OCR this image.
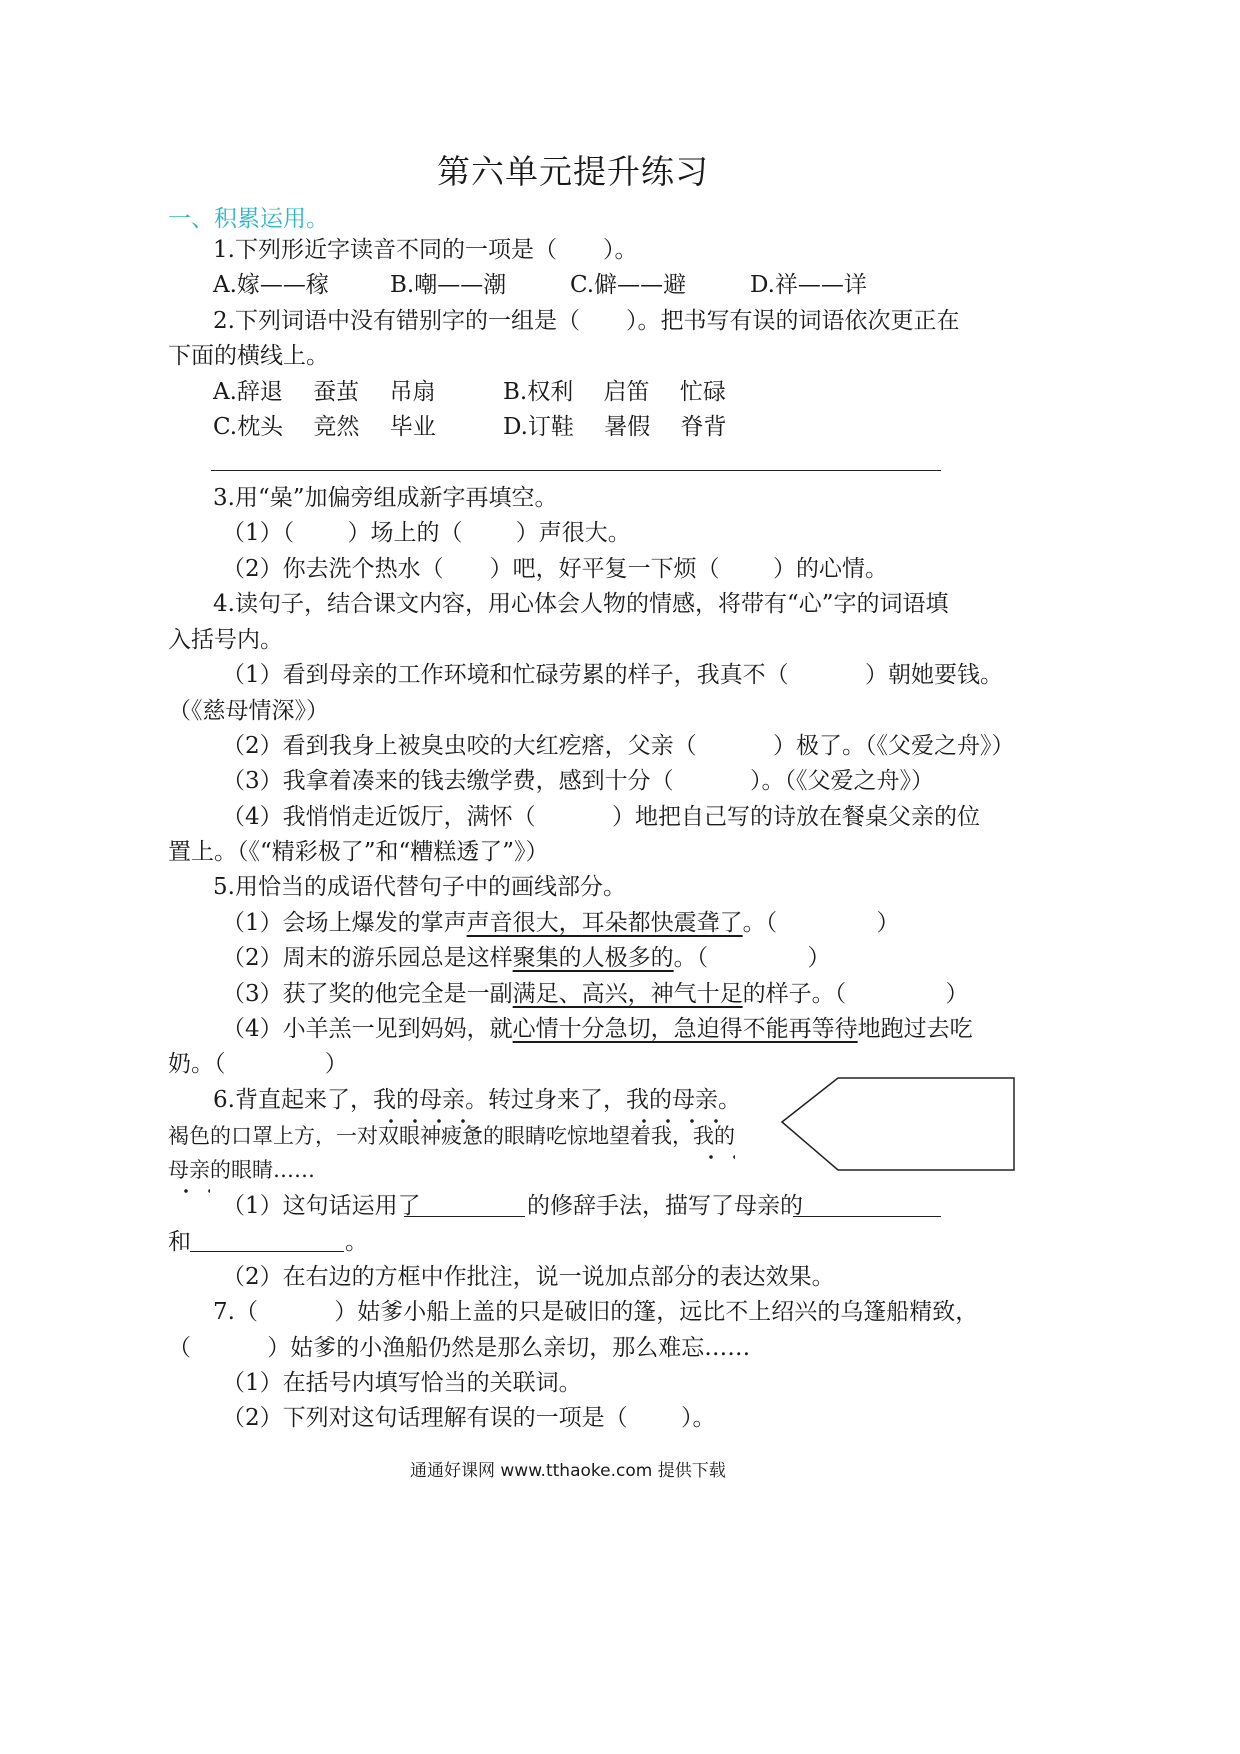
第六单元提升练习
一、积累运用。
1.下列形近字读音不同的一项是（　　）。
A.嫁——稼	B.嘲——潮	C.僻——避	D.祥——详
2.下列词语中没有错别字的一组是（　　）。把书写有误的词语依次更正在
下面的横线上。
A.辞退　 蚕茧　 吊扇	B.权利　 启笛　 忙碌
C.枕头　 竞然　 毕业	D.订鞋　 暑假　 脊背
3.用“喿”加偏旁组成新字再填空。
（1）（　　 ）场上的（　　 ）声很大。
（2）你去洗个热水（　　）吧，好平复一下烦（　　 ）的心情。
4.读句子，结合课文内容，用心体会人物的情感，将带有“心”字的词语填
入括号内。
（1）看到母亲的工作环境和忙碌劳累的样子，我真不（　　　 ）朝她要钱。
（《慈母情深》）
（2）看到我身上被臭虫咬的大红疙瘩，父亲（　　　 ）极了。（《父爱之舟》）
（3）我拿着凑来的钱去缴学费，感到十分（　　　 ）。（《父爱之舟》）
（4）我悄悄走近饭厅，满怀（　　　 ）地把自己写的诗放在餐桌父亲的位
置上。（《“精彩极了”和“糟糕透了”》）
5.用恰当的成语代替句子中的画线部分。
（1）会场上爆发的掌声声音很大，耳朵都快震聋了。（　　　　 ）
（2）周末的游乐园总是这样聚集的人极多的。（　　　　 ）
（3）获了奖的他完全是一副满足、高兴，神气十足的样子。（　　　　 ）
（4）小羊羔一见到妈妈，就心情十分急切，急迫得不能再等待地跑过去吃
奶。（　　　　 ）
6.背直起来了，我的母亲。转过身来了，我的母亲。
褐色的口罩上方，一对双眼神疲惫的眼睛吃惊地望着我，我的
母亲的眼睛……
（1）这句话运用了	的修辞手法，描写了母亲的
和	。
（2）在右边的方框中作批注，说一说加点部分的表达效果。
7.（　　　 ）姑爹小船上盖的只是破旧的篷，远比不上绍兴的乌篷船精致，
（　　　 ）姑爹的小渔船仍然是那么亲切，那么难忘……
（1）在括号内填写恰当的关联词。
（2）下列对这句话理解有误的一项是（　　 ）。
通通好课网 www.tthaoke.com 提供下载
